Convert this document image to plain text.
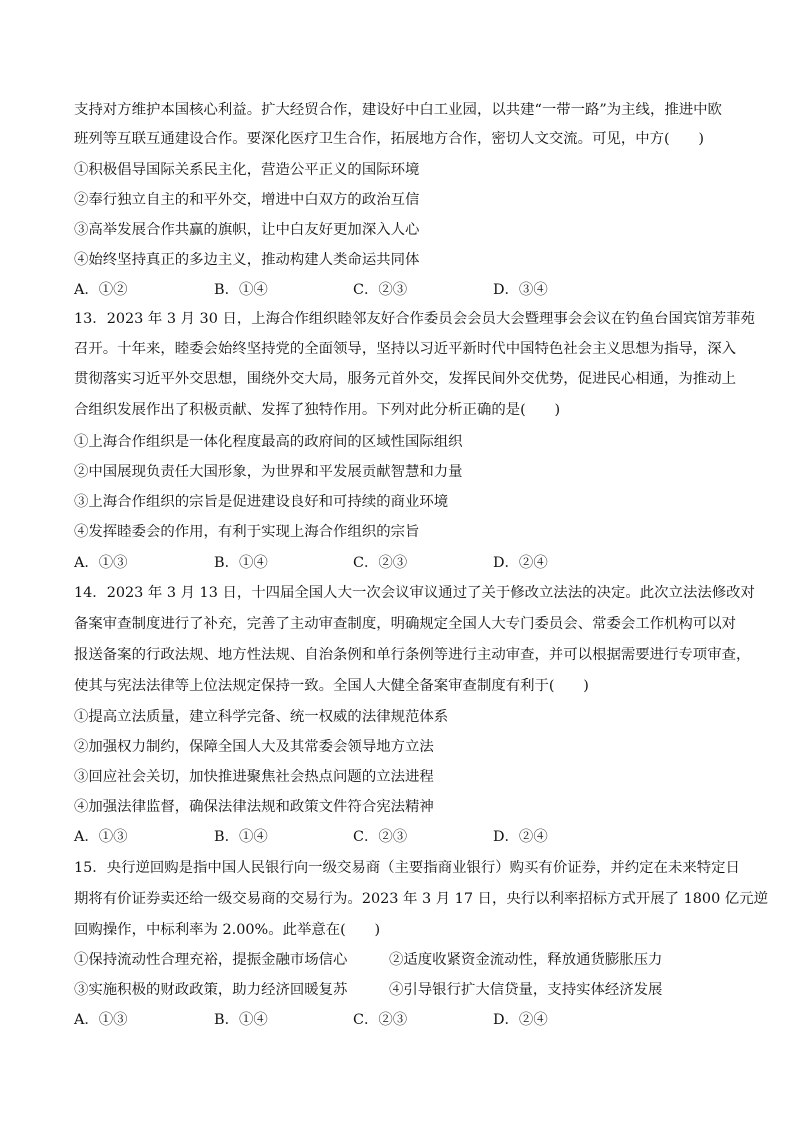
支持对方维护本国核心利益。扩大经贸合作，建设好中白工业园，以共建“一带一路”为主线，推进中欧
班列等互联互通建设合作。要深化医疗卫生合作，拓展地方合作，密切人文交流。可见，中方(　　)
①积极倡导国际关系民主化，营造公平正义的国际环境
②奉行独立自主的和平外交，增进中白双方的政治互信
③高举发展合作共赢的旗帜，让中白友好更加深入人心
④始终坚持真正的多边主义，推动构建人类命运共同体
A．①②	B．①④	C．②③	D．③④
13．2023 年 3 月 30 日，上海合作组织睦邻友好合作委员会会员大会暨理事会会议在钓鱼台国宾馆芳菲苑
召开。十年来，睦委会始终坚持党的全面领导，坚持以习近平新时代中国特色社会主义思想为指导，深入
贯彻落实习近平外交思想，围绕外交大局，服务元首外交，发挥民间外交优势，促进民心相通，为推动上
合组织发展作出了积极贡献、发挥了独特作用。下列对此分析正确的是(　　)
①上海合作组织是一体化程度最高的政府间的区域性国际组织
②中国展现负责任大国形象，为世界和平发展贡献智慧和力量
③上海合作组织的宗旨是促进建设良好和可持续的商业环境
④发挥睦委会的作用，有利于实现上海合作组织的宗旨
A．①③	B．①④	C．②③	D．②④
14．2023 年 3 月 13 日，十四届全国人大一次会议审议通过了关于修改立法法的决定。此次立法法修改对
备案审查制度进行了补充，完善了主动审查制度，明确规定全国人大专门委员会、常委会工作机构可以对
报送备案的行政法规、地方性法规、自治条例和单行条例等进行主动审查，并可以根据需要进行专项审查，
使其与宪法法律等上位法规定保持一致。全国人大健全备案审查制度有利于(　　)
①提高立法质量，建立科学完备、统一权威的法律规范体系
②加强权力制约，保障全国人大及其常委会领导地方立法
③回应社会关切，加快推进聚焦社会热点问题的立法进程
④加强法律监督，确保法律法规和政策文件符合宪法精神
A．①③	B．①④	C．②③	D．②④
15．央行逆回购是指中国人民银行向一级交易商（主要指商业银行）购买有价证券，并约定在未来特定日
期将有价证券卖还给一级交易商的交易行为。2023 年 3 月 17 日，央行以利率招标方式开展了 1800 亿元逆
回购操作，中标利率为 2.00%。此举意在(　　)
①保持流动性合理充裕，提振金融市场信心	②适度收紧资金流动性，释放通货膨胀压力
③实施积极的财政政策，助力经济回暖复苏	④引导银行扩大信贷量，支持实体经济发展
A．①③	B．①④	C．②③	D．②④
